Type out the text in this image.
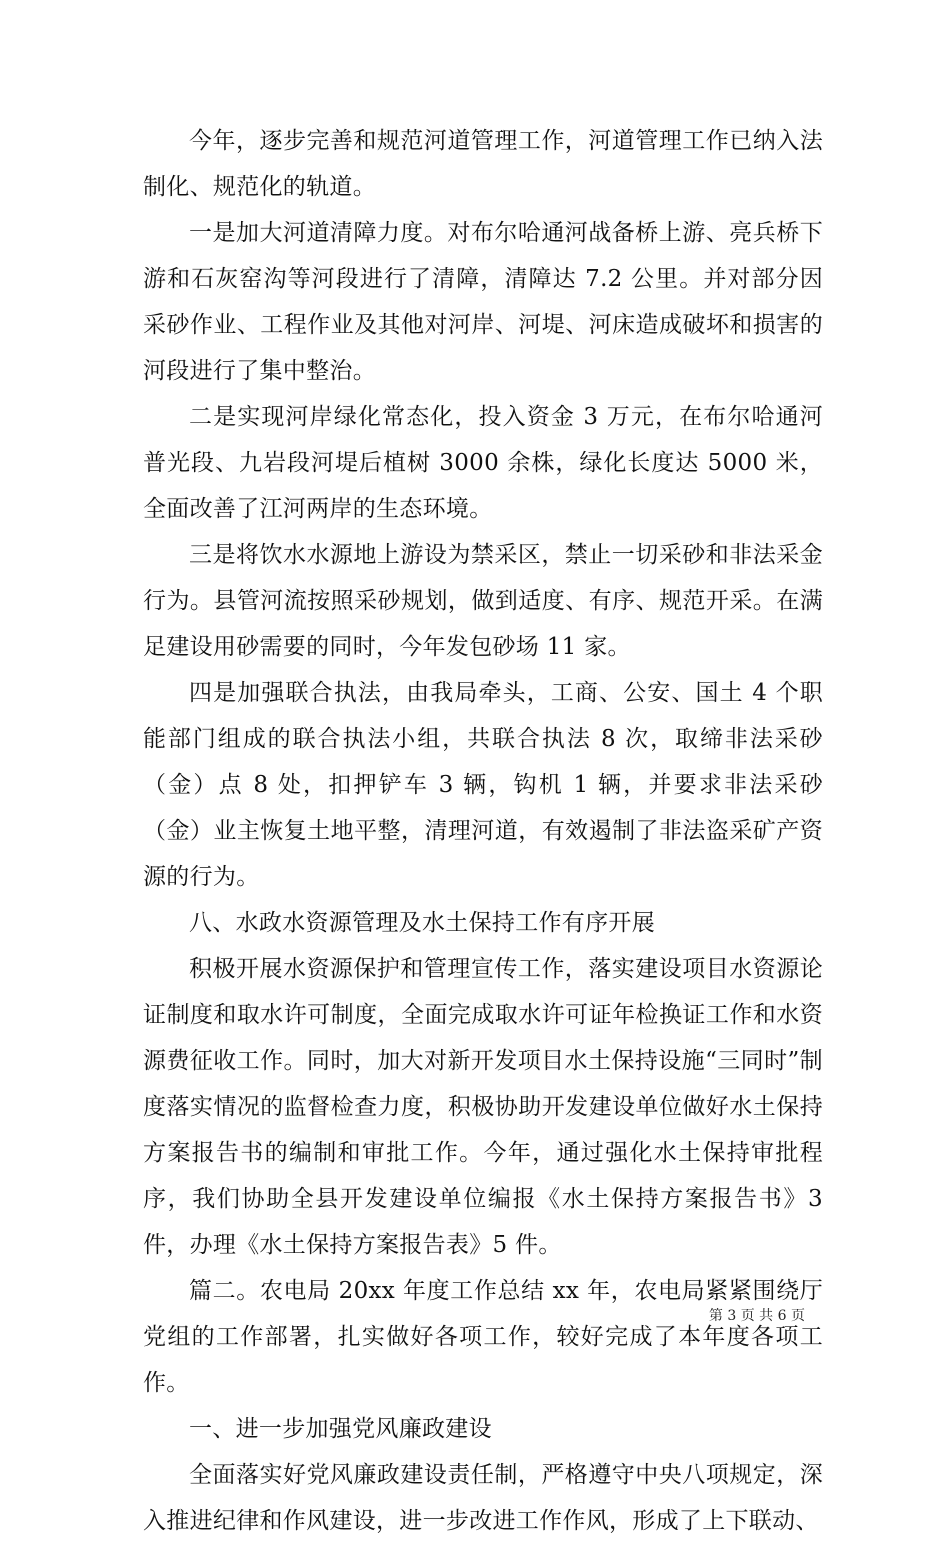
今年，逐步完善和规范河道管理工作，河道管理工作已纳入法制化、规范化的轨道。

一是加大河道清障力度。对布尔哈通河战备桥上游、亮兵桥下游和石灰窑沟等河段进行了清障，清障达 7.2 公里。并对部分因采砂作业、工程作业及其他对河岸、河堤、河床造成破坏和损害的河段进行了集中整治。

二是实现河岸绿化常态化，投入资金 3 万元，在布尔哈通河普光段、九岩段河堤后植树 3000 余株，绿化长度达 5000 米，全面改善了江河两岸的生态环境。

三是将饮水水源地上游设为禁采区，禁止一切采砂和非法采金行为。县管河流按照采砂规划，做到适度、有序、规范开采。在满足建设用砂需要的同时，今年发包砂场 11 家。

四是加强联合执法，由我局牵头，工商、公安、国土 4 个职能部门组成的联合执法小组，共联合执法 8 次，取缔非法采砂（金）点 8 处，扣押铲车 3 辆，钩机 1 辆，并要求非法采砂（金）业主恢复土地平整，清理河道，有效遏制了非法盗采矿产资源的行为。

八、水政水资源管理及水土保持工作有序开展

积极开展水资源保护和管理宣传工作，落实建设项目水资源论证制度和取水许可制度，全面完成取水许可证年检换证工作和水资源费征收工作。同时，加大对新开发项目水土保持设施“三同时”制度落实情况的监督检查力度，积极协助开发建设单位做好水土保持方案报告书的编制和审批工作。今年，通过强化水土保持审批程序，我们协助全县开发建设单位编报《水土保持方案报告书》3 件，办理《水土保持方案报告表》5 件。

篇二。农电局 20xx 年度工作总结 xx 年，农电局紧紧围绕厅党组的工作部署，扎实做好各项工作，较好完成了本年度各项工作。

一、进一步加强党风廉政建设

全面落实好党风廉政建设责任制，严格遵守中央八项规定，深入推进纪律和作风建设，进一步改进工作作风，形成了上下联动、

第 3 页 共 6 页
